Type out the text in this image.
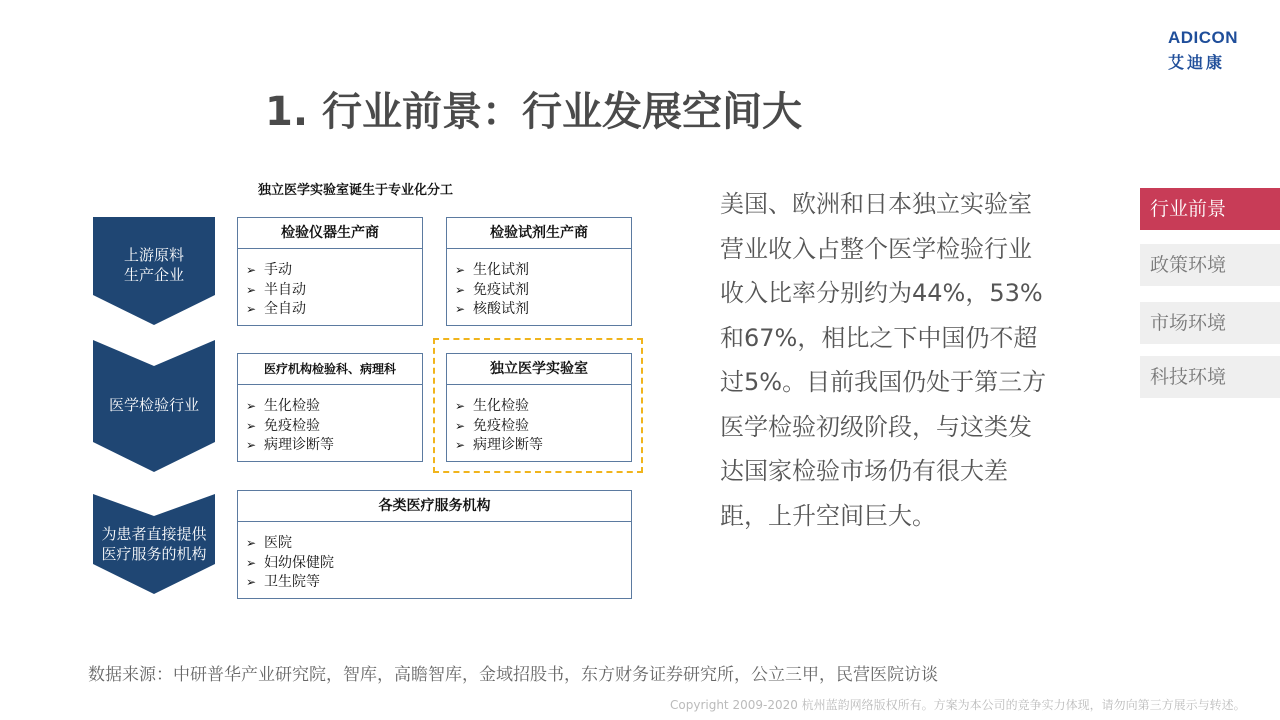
ADICON
艾迪康
1. 行业前景：行业发展空间大
独立医学实验室诞生于专业化分工
上游原料生产企业
医学检验行业
为患者直接提供医疗服务的机构
检验仪器生产商
➢ 手动
➢ 半自动
➢ 全自动
检验试剂生产商
➢ 生化试剂
➢ 免疫试剂
➢ 核酸试剂
医疗机构检验科、病理科
➢ 生化检验
➢ 免疫检验
➢ 病理诊断等
独立医学实验室
➢ 生化检验
➢ 免疫检验
➢ 病理诊断等
各类医疗服务机构
➢ 医院
➢ 妇幼保健院
➢ 卫生院等
美国、欧洲和日本独立实验室营业收入占整个医学检验行业收入比率分别约为44%，53%和67%，相比之下中国仍不超过5%。目前我国仍处于第三方医学检验初级阶段，与这类发达国家检验市场仍有很大差距，上升空间巨大。
行业前景
政策环境
市场环境
科技环境
数据来源：中研普华产业研究院，智库，高瞻智库，金域招股书，东方财务证券研究所，公立三甲，民营医院访谈
Copyright 2009-2020 杭州蓝韵网络版权所有。方案为本公司的竞争实力体现，请勿向第三方展示与转述。
